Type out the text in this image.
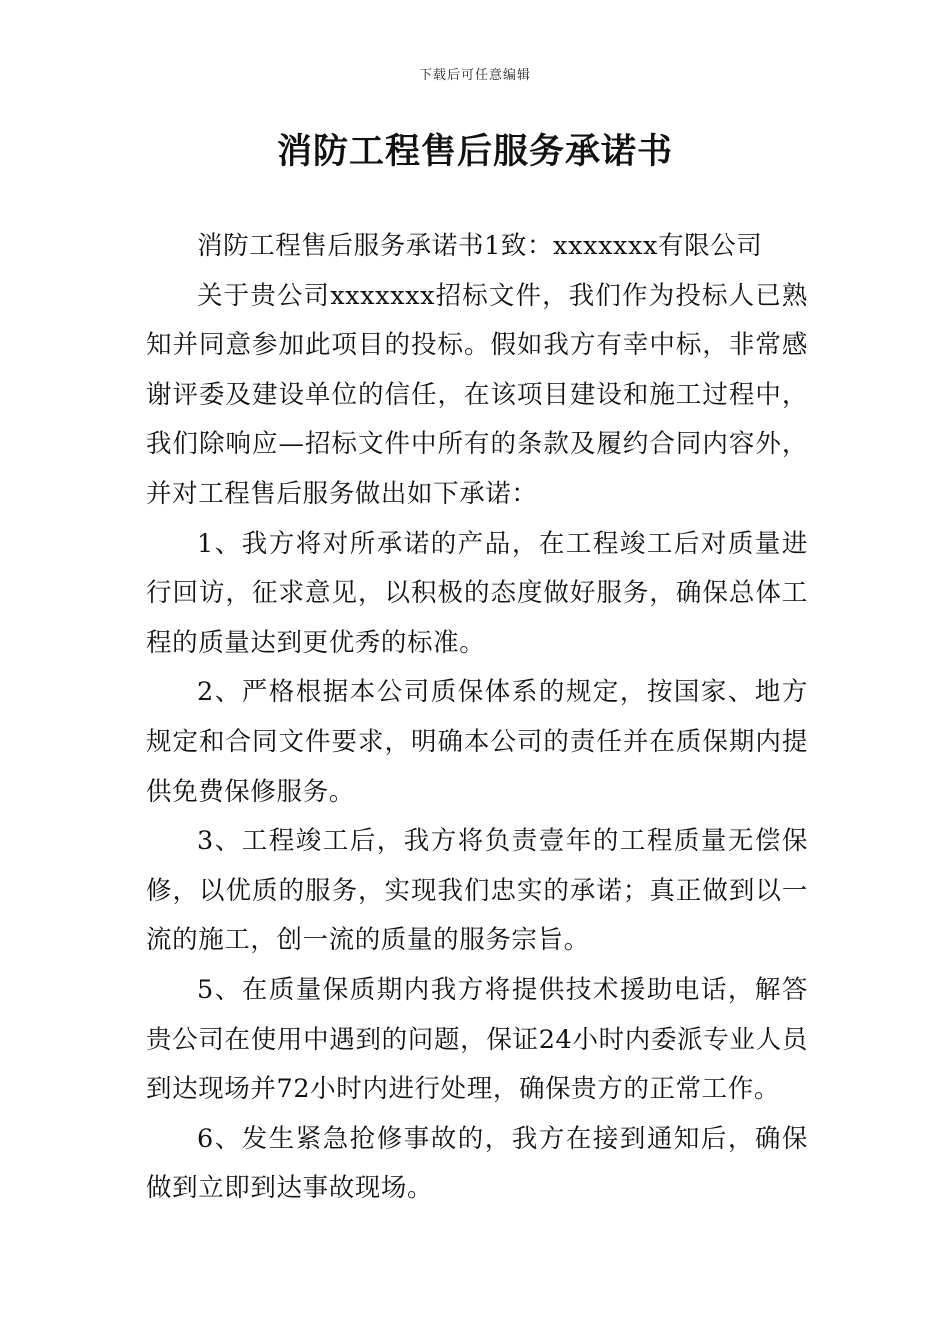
下载后可任意编辑
消防工程售后服务承诺书

消防工程售后服务承诺书1致：xxxxxxx有限公司

关于贵公司xxxxxxx招标文件，我们作为投标人已熟知并同意参加此项目的投标。假如我方有幸中标，非常感谢评委及建设单位的信任，在该项目建设和施工过程中，我们除响应—招标文件中所有的条款及履约合同内容外，并对工程售后服务做出如下承诺：

1、我方将对所承诺的产品，在工程竣工后对质量进行回访，征求意见，以积极的态度做好服务，确保总体工程的质量达到更优秀的标准。

2、严格根据本公司质保体系的规定，按国家、地方规定和合同文件要求，明确本公司的责任并在质保期内提供免费保修服务。

3、工程竣工后，我方将负责壹年的工程质量无偿保修，以优质的服务，实现我们忠实的承诺；真正做到以一流的施工，创一流的质量的服务宗旨。

5、在质量保质期内我方将提供技术援助电话，解答贵公司在使用中遇到的问题，保证24小时内委派专业人员到达现场并72小时内进行处理，确保贵方的正常工作。

6、发生紧急抢修事故的，我方在接到通知后，确保做到立即到达事故现场。
